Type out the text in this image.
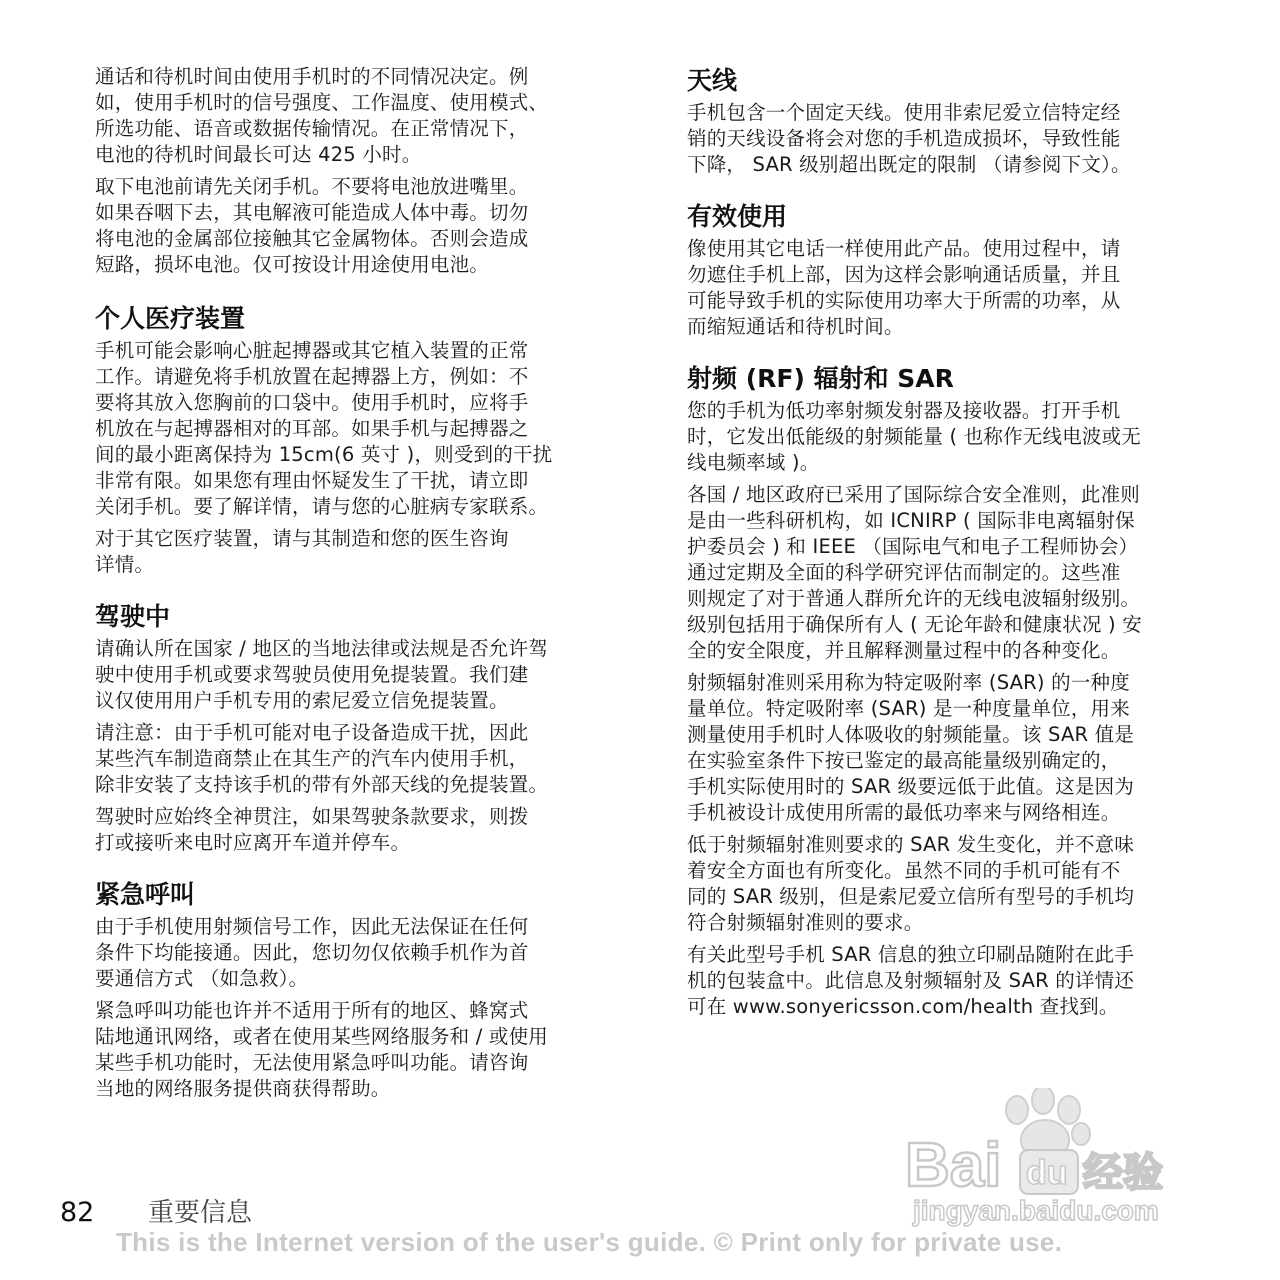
通话和待机时间由使用手机时的不同情况决定。例
如，使用手机时的信号强度、工作温度、使用模式、
所选功能、语音或数据传输情况。在正常情况下，
电池的待机时间最长可达 425 小时。

取下电池前请先关闭手机。不要将电池放进嘴里。
如果吞咽下去，其电解液可能造成人体中毒。切勿
将电池的金属部位接触其它金属物体。否则会造成
短路，损坏电池。仅可按设计用途使用电池。

个人医疗装置

手机可能会影响心脏起搏器或其它植入装置的正常
工作。请避免将手机放置在起搏器上方，例如：不
要将其放入您胸前的口袋中。使用手机时，应将手
机放在与起搏器相对的耳部。如果手机与起搏器之
间的最小距离保持为 15cm(6 英寸 )，则受到的干扰
非常有限。如果您有理由怀疑发生了干扰，请立即
关闭手机。要了解详情，请与您的心脏病专家联系。

对于其它医疗装置，请与其制造和您的医生咨询
详情。

驾驶中

请确认所在国家 / 地区的当地法律或法规是否允许驾
驶中使用手机或要求驾驶员使用免提装置。我们建
议仅使用用户手机专用的索尼爱立信免提装置。

请注意：由于手机可能对电子设备造成干扰，因此
某些汽车制造商禁止在其生产的汽车内使用手机，
除非安装了支持该手机的带有外部天线的免提装置。

驾驶时应始终全神贯注，如果驾驶条款要求，则拨
打或接听来电时应离开车道并停车。

紧急呼叫

由于手机使用射频信号工作，因此无法保证在任何
条件下均能接通。因此，您切勿仅依赖手机作为首
要通信方式 （如急救）。

紧急呼叫功能也许并不适用于所有的地区、蜂窝式
陆地通讯网络，或者在使用某些网络服务和 / 或使用
某些手机功能时，无法使用紧急呼叫功能。请咨询
当地的网络服务提供商获得帮助。

天线

手机包含一个固定天线。使用非索尼爱立信特定经
销的天线设备将会对您的手机造成损坏，导致性能
下降， SAR 级别超出既定的限制 （请参阅下文）。

有效使用

像使用其它电话一样使用此产品。使用过程中，请
勿遮住手机上部，因为这样会影响通话质量，并且
可能导致手机的实际使用功率大于所需的功率，从
而缩短通话和待机时间。

射频 (RF) 辐射和 SAR

您的手机为低功率射频发射器及接收器。打开手机
时，它发出低能级的射频能量 ( 也称作无线电波或无
线电频率域 )。

各国 / 地区政府已采用了国际综合安全准则，此准则
是由一些科研机构，如 ICNIRP ( 国际非电离辐射保
护委员会 ) 和 IEEE （国际电气和电子工程师协会）
通过定期及全面的科学研究评估而制定的。这些准
则规定了对于普通人群所允许的无线电波辐射级别。
级别包括用于确保所有人 ( 无论年龄和健康状况 ) 安
全的安全限度，并且解释测量过程中的各种变化。

射频辐射准则采用称为特定吸附率 (SAR) 的一种度
量单位。特定吸附率 (SAR) 是一种度量单位，用来
测量使用手机时人体吸收的射频能量。该 SAR 值是
在实验室条件下按已鉴定的最高能量级别确定的，
手机实际使用时的 SAR 级要远低于此值。这是因为
手机被设计成使用所需的最低功率来与网络相连。

低于射频辐射准则要求的 SAR 发生变化，并不意味
着安全方面也有所变化。虽然不同的手机可能有不
同的 SAR 级别，但是索尼爱立信所有型号的手机均
符合射频辐射准则的要求。

有关此型号手机 SAR 信息的独立印刷品随附在此手
机的包装盒中。此信息及射频辐射及 SAR 的详情还
可在 www.sonyericsson.com/health 查找到。

Bai 经验
du
jingyan.baidu.com
82 重要信息
This is the Internet version of the user's guide. © Print only for private use.
